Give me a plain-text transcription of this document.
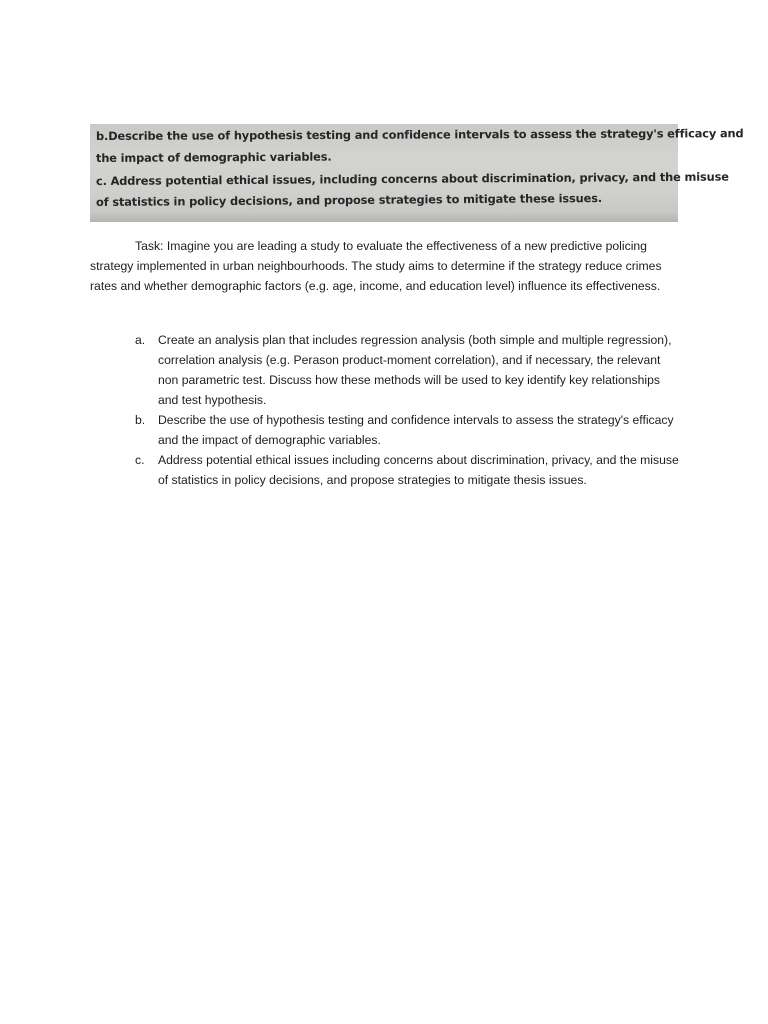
b.Describe the use of hypothesis testing and confidence intervals to assess the strategy's efficacy and
the impact of demographic variables.
c. Address potential ethical issues, including concerns about discrimination, privacy, and the misuse
of statistics in policy decisions, and propose strategies to mitigate these issues.

Task: Imagine you are leading a study to evaluate the effectiveness of a new predictive policing strategy implemented in urban neighbourhoods. The study aims to determine if the strategy reduce crimes rates and whether demographic factors (e.g. age, income, and education level) influence its effectiveness.

a. Create an analysis plan that includes regression analysis (both simple and multiple regression), correlation analysis (e.g. Perason product-moment correlation), and if necessary, the relevant non parametric test. Discuss how these methods will be used to key identify key relationships and test hypothesis.
b. Describe the use of hypothesis testing and confidence intervals to assess the strategy's efficacy and the impact of demographic variables.
c. Address potential ethical issues including concerns about discrimination, privacy, and the misuse of statistics in policy decisions, and propose strategies to mitigate thesis issues.
